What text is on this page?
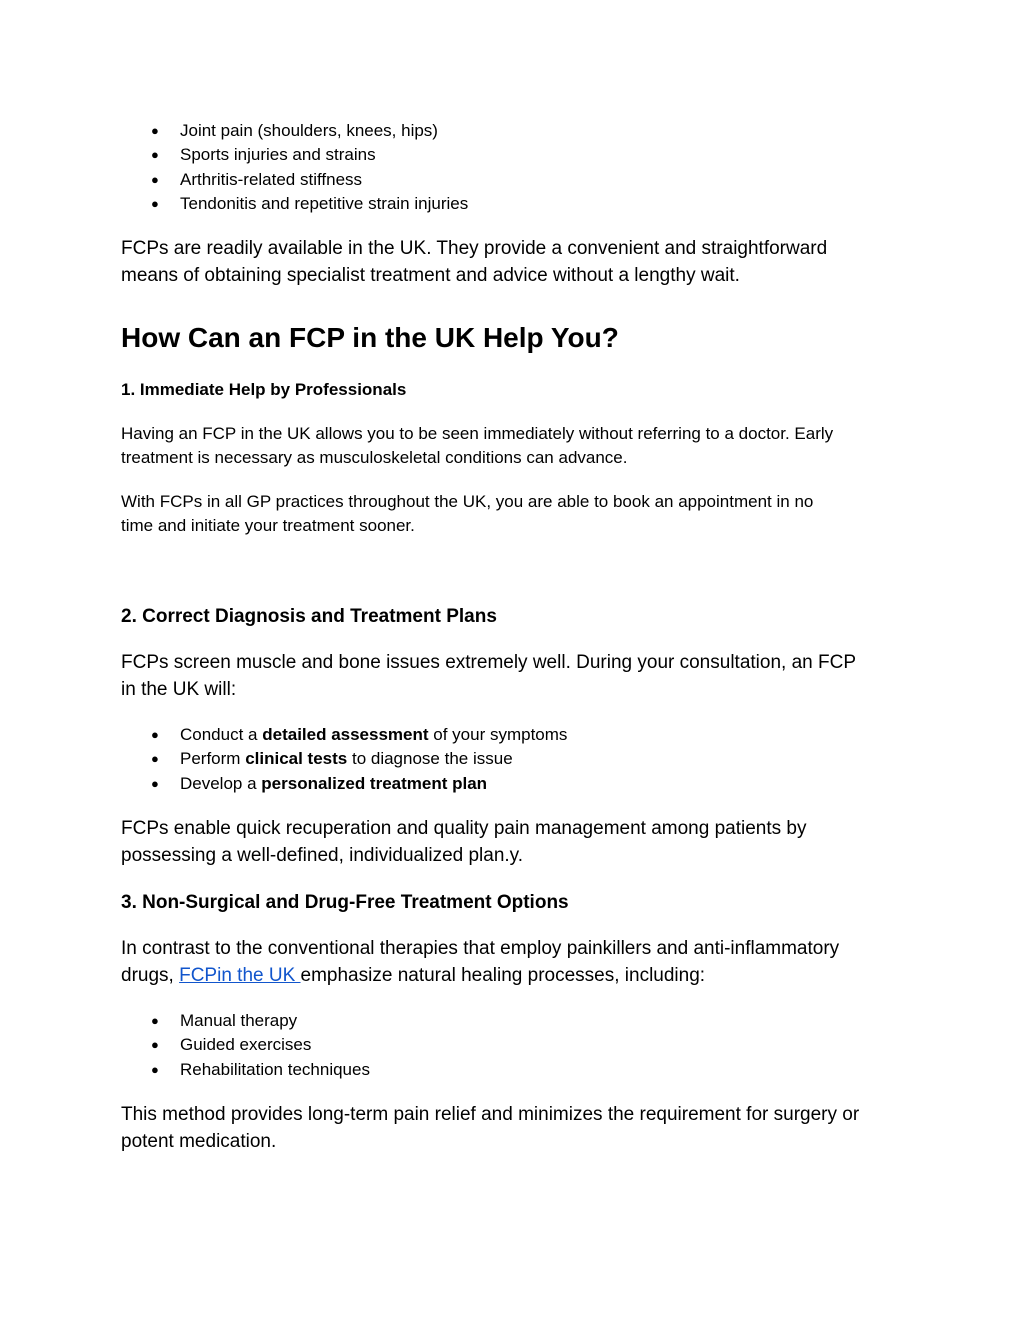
● Joint pain (shoulders, knees, hips)
● Sports injuries and strains
● Arthritis-related stiffness
● Tendonitis and repetitive strain injuries

FCPs are readily available in the UK. They provide a convenient and straightforward
means of obtaining specialist treatment and advice without a lengthy wait.

How Can an FCP in the UK Help You?
1. Immediate Help by Professionals

Having an FCP in the UK allows you to be seen immediately without referring to a doctor. Early
treatment is necessary as musculoskeletal conditions can advance.

With FCPs in all GP practices throughout the UK, you are able to book an appointment in no
time and initiate your treatment sooner.

2. Correct Diagnosis and Treatment Plans

FCPs screen muscle and bone issues extremely well. During your consultation, an FCP
in the UK will:

● Conduct a detailed assessment of your symptoms
● Perform clinical tests to diagnose the issue
● Develop a personalized treatment plan

FCPs enable quick recuperation and quality pain management among patients by
possessing a well-defined, individualized plan.y.

3. Non-Surgical and Drug-Free Treatment Options

In contrast to the conventional therapies that employ painkillers and anti-inflammatory
drugs, FCPin the UK emphasize natural healing processes, including:

● Manual therapy
● Guided exercises
● Rehabilitation techniques

This method provides long-term pain relief and minimizes the requirement for surgery or
potent medication.
